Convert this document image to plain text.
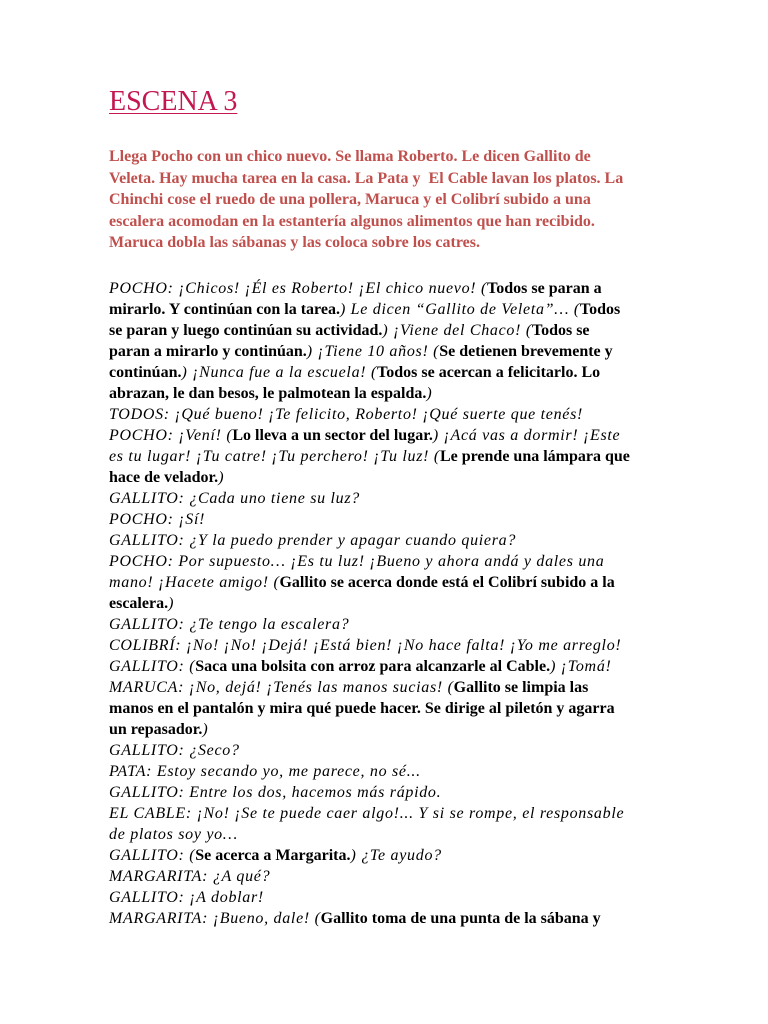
ESCENA 3
Llega Pocho con un chico nuevo. Se llama Roberto. Le dicen Gallito de
Veleta. Hay mucha tarea en la casa. La Pata y  El Cable lavan los platos. La
Chinchi cose el ruedo de una pollera, Maruca y el Colibrí subido a una
escalera acomodan en la estantería algunos alimentos que han recibido.
Maruca dobla las sábanas y las coloca sobre los catres.
POCHO: ¡Chicos! ¡Él es Roberto! ¡El chico nuevo! (Todos se paran a
mirarlo. Y continúan con la tarea.) Le dicen “Gallito de Veleta”… (Todos
se paran y luego continúan su actividad.) ¡Viene del Chaco! (Todos se
paran a mirarlo y continúan.) ¡Tiene 10 años! (Se detienen brevemente y
continúan.) ¡Nunca fue a la escuela! (Todos se acercan a felicitarlo. Lo
abrazan, le dan besos, le palmotean la espalda.)
TODOS: ¡Qué bueno! ¡Te felicito, Roberto! ¡Qué suerte que tenés!
POCHO: ¡Vení! (Lo lleva a un sector del lugar.) ¡Acá vas a dormir! ¡Este
es tu lugar! ¡Tu catre! ¡Tu perchero! ¡Tu luz! (Le prende una lámpara que
hace de velador.)
GALLITO: ¿Cada uno tiene su luz?
POCHO: ¡Sí!
GALLITO: ¿Y la puedo prender y apagar cuando quiera?
POCHO: Por supuesto… ¡Es tu luz! ¡Bueno y ahora andá y dales una
mano! ¡Hacete amigo! (Gallito se acerca donde está el Colibrí subido a la
escalera.)
GALLITO: ¿Te tengo la escalera?
COLIBRÍ: ¡No! ¡No! ¡Dejá! ¡Está bien! ¡No hace falta! ¡Yo me arreglo!
GALLITO: (Saca una bolsita con arroz para alcanzarle al Cable.) ¡Tomá!
MARUCA: ¡No, dejá! ¡Tenés las manos sucias! (Gallito se limpia las
manos en el pantalón y mira qué puede hacer. Se dirige al piletón y agarra
un repasador.)
GALLITO: ¿Seco?
PATA: Estoy secando yo, me parece, no sé...
GALLITO: Entre los dos, hacemos más rápido.
EL CABLE: ¡No! ¡Se te puede caer algo!... Y si se rompe, el responsable
de platos soy yo…
GALLITO: (Se acerca a Margarita.) ¿Te ayudo?
MARGARITA: ¿A qué?
GALLITO: ¡A doblar!
MARGARITA: ¡Bueno, dale! (Gallito toma de una punta de la sábana y
